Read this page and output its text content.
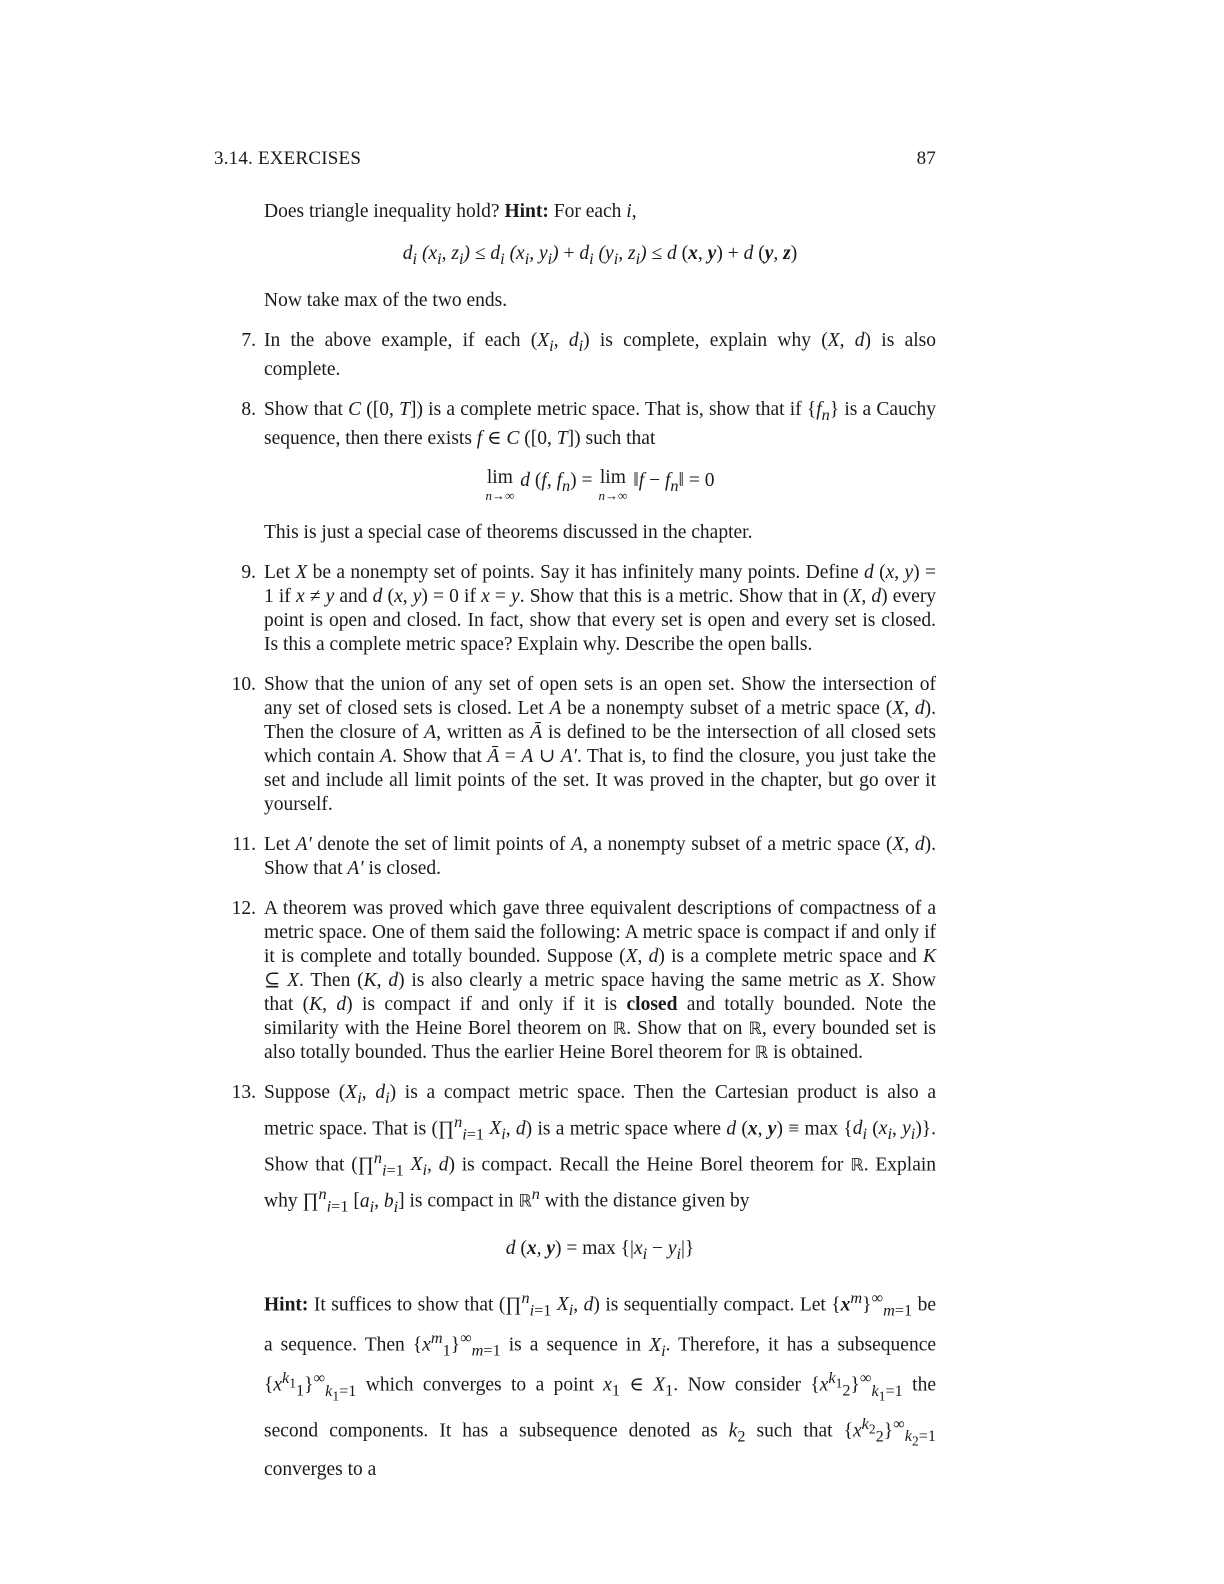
3.14. EXERCISES	87

Does triangle inequality hold? Hint: For each i,

$d_i$ ($x_i$, $z_i) \le d_i$ ($x_i$, $y_i) + d_i$ ($y_i$, $z_i) \le d$ (x, y) + d (y, z)

Now take max of the two ends.

7. In the above example, if each ($X_i$, $d_i$) is complete, explain why (X, d) is also complete.

8. Show that C ([0, T]) is a complete metric space. That is, show that if $\{f_n\}$ is a Cauchy sequence, then there exists f ∈ C ([0, T]) such that

lim
n→∞
d (f, $f_n) = \lim$
n→∞
‖f − $f_n‖ = 0$

This is just a special case of theorems discussed in the chapter.

9. Let X be a nonempty set of points. Say it has infinitely many points. Define d (x, y) = 1 if x ≠ y and d (x, y) = 0 if x = y. Show that this is a metric. Show that in (X, d) every point is open and closed. In fact, show that every set is open and every set is closed. Is this a complete metric space? Explain why. Describe the open balls.

10. Show that the union of any set of open sets is an open set. Show the intersection of any set of closed sets is closed. Let A be a nonempty subset of a metric space (X, d). Then the closure of A, written as Ā is defined to be the intersection of all closed sets which contain A. Show that Ā = A ∪ A′. That is, to find the closure, you just take the set and include all limit points of the set. It was proved in the chapter, but go over it yourself.

11. Let A′ denote the set of limit points of A, a nonempty subset of a metric space (X, d). Show that A′ is closed.

12. A theorem was proved which gave three equivalent descriptions of compactness of a metric space. One of them said the following: A metric space is compact if and only if it is complete and totally bounded. Suppose (X, d) is a complete metric space and K ⊆ X. Then (K, d) is also clearly a metric space having the same metric as X. Show that (K, d) is compact if and only if it is closed and totally bounded. Note the similarity with the Heine Borel theorem on ℝ. Show that on ℝ, every bounded set is also totally bounded. Thus the earlier Heine Borel theorem for ℝ is obtained.

13. Suppose ($X_i$, $d_i$) is a compact metric space. Then the Cartesian product is also a metric space. That is (∏$^n_{i=1}$ $X_i$, d) is a metric space where d (x, $y) \equiv \max \{d_i$ ($x_i$, $y_i$)}. Show that (∏$^n_{i=1}$ $X_i$, d) is compact. Recall the Heine Borel theorem for ℝ. Explain why ∏$^n_{i=1}$ [$a_i$, $b_i$] is compact in ℝ$^n$ with the distance given by

d (x, $y) = \max \{|x_i - y_i|\}$

Hint: It suffices to show that (∏$^n_{i=1}$ $X_i$, d) is sequentially compact. Let $\{x^m\}^\infty_{m=1}$ be a sequence. Then $\{x^m_1\}^\infty_{m=1}$ is a sequence in $X_i$. Therefore, it has a subsequence $\{x^{k_1}_1\}^\infty_{k_1=1}$ which converges to a point $x_1$ ∈ $X_1$. Now consider $\{x^{k_1}_2\}^\infty_{k_1=1}$ the second components. It has a subsequence denoted as $k_2$ such that $\{x^{k_2}_2\}^\infty_{k_2=1}$ converges to a
